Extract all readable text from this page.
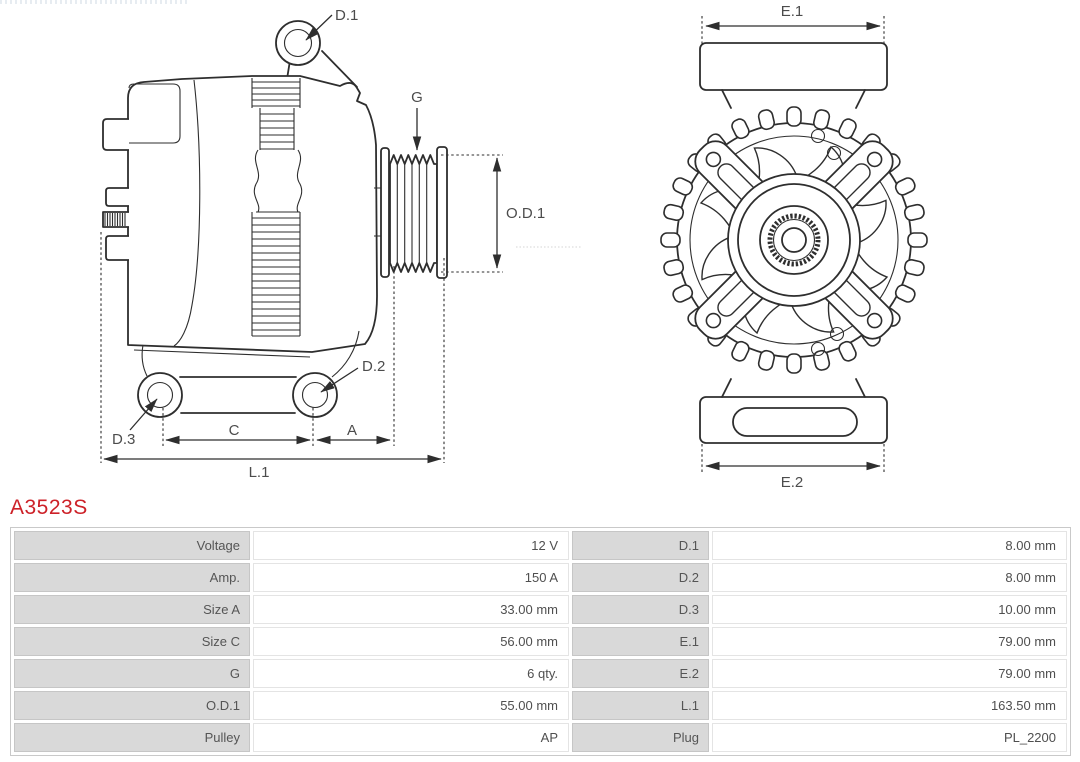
D.1
G
O.D.1
D.2
D.3
C	A
L.1
E.1
E.2
A3523S
Voltage	12 V	D.1	8.00 mm
Amp.	150 A	D.2	8.00 mm
Size A	33.00 mm	D.3	10.00 mm
Size C	56.00 mm	E.1	79.00 mm
G	6 qty.	E.2	79.00 mm
O.D.1	55.00 mm	L.1	163.50 mm
Pulley	AP	Plug	PL_2200
